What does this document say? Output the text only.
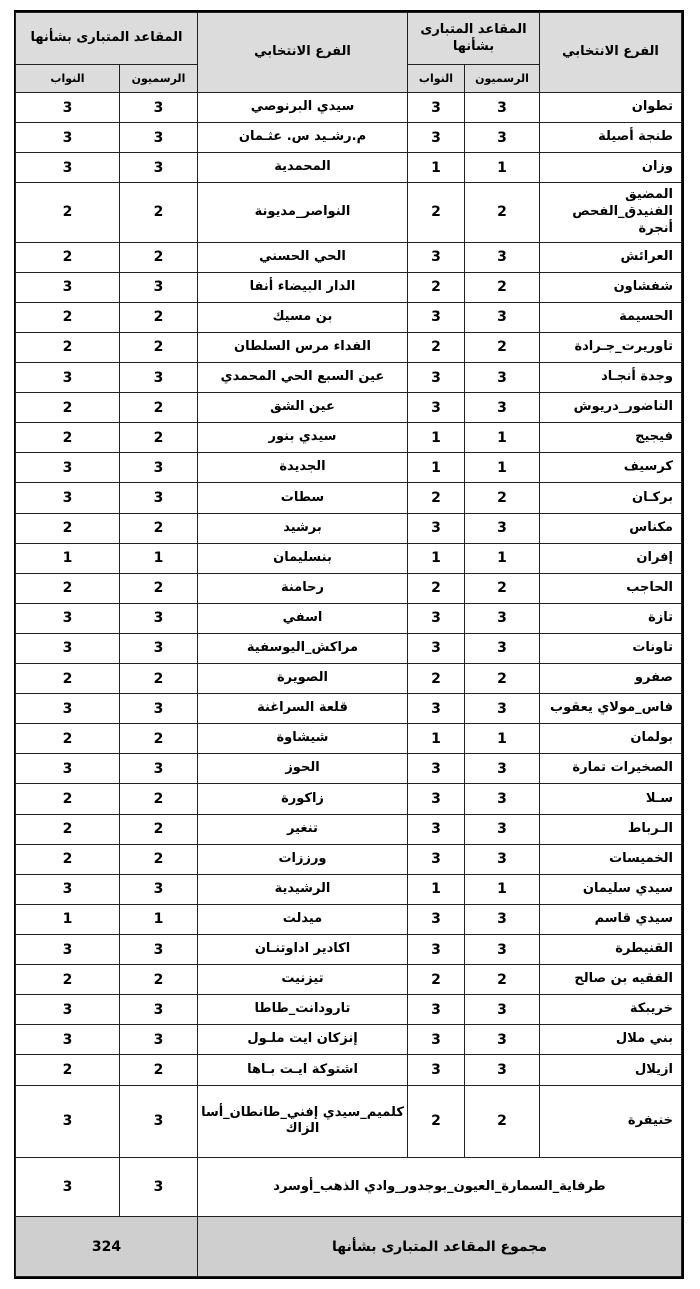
الفرع الانتخابي	المقاعد المتبارى بشأنها		الفرع الانتخابي	المقاعد المتبارى بشأنها	
	الرسميون	النواب		الرسميون	النواب
تطوان	3	3	سيدي البرنوصي	3	3
طنجة أصيلة	3	3	م.رشـيد س. عثـمان	3	3
وزان	1	1	المحمدية	3	3
المضيق الفنيدق_الفحص أنجرة	2	2	النواصر_مديونة	2	2
العرائش	3	3	الحي الحسني	2	2
شفشاون	2	2	الدار البيضاء أنفا	3	3
الحسيمة	3	3	بن مسيك	2	2
تاوريرت_جـرادة	2	2	الفداء مرس السلطان	2	2
وجدة أنجـاد	3	3	عين السبع الحي المحمدي	3	3
الناضور_دريوش	3	3	عين الشق	2	2
فيجيج	1	1	سيدي بنور	2	2
كرسيف	1	1	الجديدة	3	3
بركـان	2	2	سطات	3	3
مكناس	3	3	برشيد	2	2
إفران	1	1	بنسليمان	1	1
الحاجب	2	2	رحامنة	2	2
تازة	3	3	اسفي	3	3
تاونات	3	3	مراكش_اليوسفية	3	3
صفرو	2	2	الصويرة	2	2
فاس_مولاي يعقوب	3	3	قلعة السراغنة	3	3
بولمان	1	1	شيشاوة	2	2
الصخيرات تمارة	3	3	الحوز	3	3
سـلا	3	3	زاكورة	2	2
الـرباط	3	3	تنغير	2	2
الخميسات	3	3	ورززات	2	2
سيدي سليمان	1	1	الرشيدية	3	3
سيدي قاسم	3	3	ميدلت	1	1
القنيطرة	3	3	اكادير اداوتنـان	3	3
الفقيه بن صالح	2	2	تيزنيت	2	2
خريبكة	3	3	تارودانت_طاطا	3	3
بني ملال	3	3	إنزكان ايت ملـول	3	3
ازيلال	3	3	اشتوكة ايـت بـاها	2	2
خنيفرة	2	2	كلميم_سيدي إفني_طانطان_أسا الزاك	3	3
طرفاية_السمارة_العيون_بوجدور_وادي الذهب_أوسرد				3	3
مجموع المقاعد المتبارى بشأنها				324	
